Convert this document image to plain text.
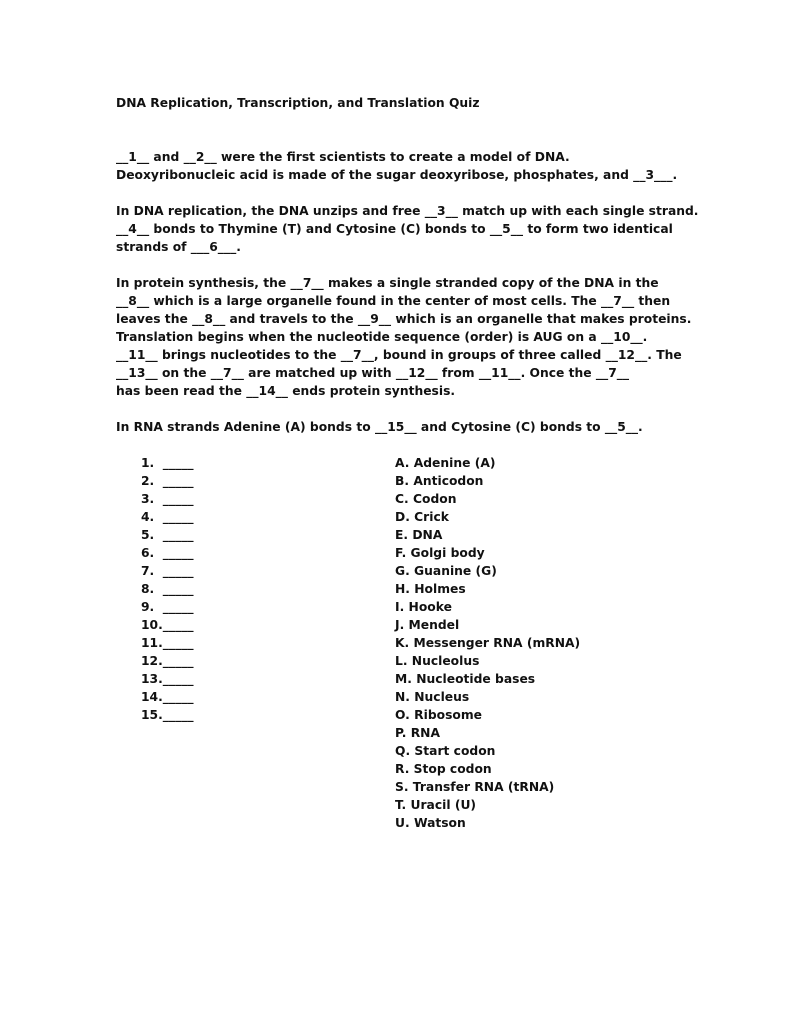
DNA Replication, Transcription, and Translation Quiz
__1__ and __2__ were the first scientists to create a model of DNA.
Deoxyribonucleic acid is made of the sugar deoxyribose, phosphates, and __3___.
In DNA replication, the DNA unzips and free __3__ match up with each single strand.
__4__ bonds to Thymine (T) and Cytosine (C) bonds to __5__ to form two identical
strands of ___6___.
In protein synthesis, the __7__ makes a single stranded copy of the DNA in the
__8__ which is a large organelle found in the center of most cells. The __7__ then
leaves the __8__ and travels to the __9__ which is an organelle that makes proteins.
Translation begins when the nucleotide sequence (order) is AUG on a __10__.
__11__ brings nucleotides to the __7__, bound in groups of three called __12__. The
__13__ on the __7__ are matched up with __12__ from __11__. Once the __7__
has been read the __14__ ends protein synthesis.
In RNA strands Adenine (A) bonds to __15__ and Cytosine (C) bonds to __5__.
1.  _____
2.  _____
3.  _____
4.  _____
5.  _____
6.  _____
7.  _____
8.  _____
9.  _____
10._____
11._____
12._____
13._____
14._____
15._____
A. Adenine (A)
B. Anticodon
C. Codon
D. Crick
E. DNA
F. Golgi body
G. Guanine (G)
H. Holmes
I. Hooke
J. Mendel
K. Messenger RNA (mRNA)
L. Nucleolus
M. Nucleotide bases
N. Nucleus
O. Ribosome
P. RNA
Q. Start codon
R. Stop codon
S. Transfer RNA (tRNA)
T. Uracil (U)
U. Watson
